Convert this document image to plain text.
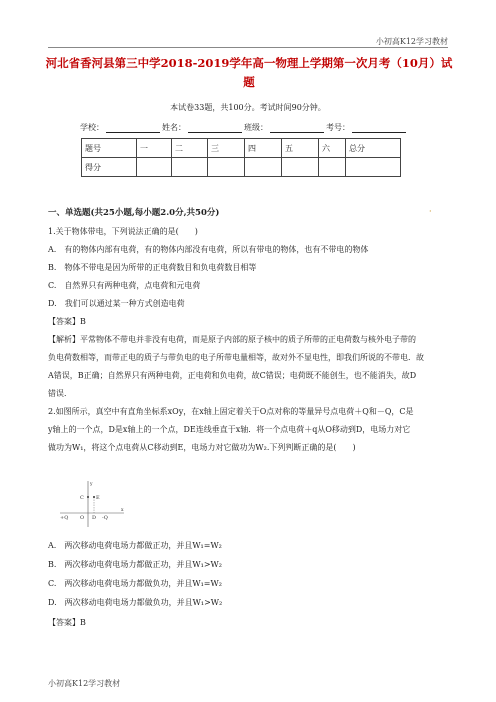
小初高K12学习教材
河北省香河县第三中学2018-2019学年高一物理上学期第一次月考（10月）试
题
本试卷33题，共100分。考试时间90分钟。
学校：	姓名：	班级：	考号：
题号	一	二	三	四	五	六	总分
得分							
一、单选题(共25小题,每小题2.0分,共50分)	·
1.关于物体带电，下列说法正确的是(　　)
A.　有的物体内部有电荷，有的物体内部没有电荷，所以有带电的物体，也有不带电的物体
B.　物体不带电是因为所带的正电荷数目和负电荷数目相等
C.　自然界只有两种电荷，点电荷和元电荷
D.　我们可以通过某一种方式创造电荷
【答案】B
【解析】平常物体不带电并非没有电荷，而是原子内部的原子核中的质子所带的正电荷数与核外电子带的
负电荷数相等，而带正电的质子与带负电的电子所带电量相等，故对外不显电性，即我们所说的不带电．故
A错误，B正确；自然界只有两种电荷，正电荷和负电荷，故C错误；电荷既不能创生，也不能消失，故D
错误．
2.如图所示，真空中有直角坐标系xOy，在x轴上固定着关于O点对称的等量异号点电荷＋Q和－Q，C是
y轴上的一个点，D是x轴上的一个点，DE连线垂直于x轴．将一个点电荷＋q从O移动到D，电场力对它
做功为W₁，将这个点电荷从C移动到E，电场力对它做功为W₂.下列判断正确的是(　　)
y
C E
+Q O D -Q
x
A.　两次移动电荷电场力都做正功，并且W₁=W₂
B.　两次移动电荷电场力都做正功，并且W₁>W₂
C.　两次移动电荷电场力都做负功，并且W₁=W₂
D.　两次移动电荷电场力都做负功，并且W₁>W₂
【答案】B
小初高K12学习教材
